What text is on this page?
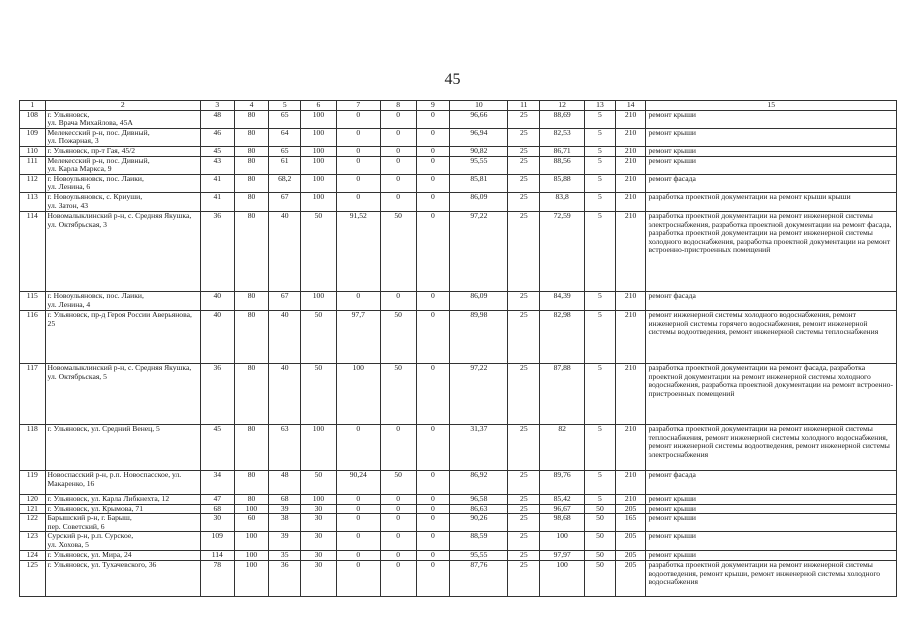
45
1	2	3	4	5	6	7	8	9	10	11	12	13	14	15
108	г. Ульяновск,
ул. Врача Михайлова, 45А	48	80	65	100	0	0	0	96,66	25	88,69	5	210	ремонт крыши
109	Мелекесский р-н, пос. Дивный,
ул. Пожарная, 3	46	80	64	100	0	0	0	96,94	25	82,53	5	210	ремонт крыши
110	г. Ульяновск, пр-т Гая, 45/2	45	80	65	100	0	0	0	90,82	25	86,71	5	210	ремонт крыши
111	Мелекесский р-н, пос. Дивный,
ул. Карла Маркса, 9	43	80	61	100	0	0	0	95,55	25	88,56	5	210	ремонт крыши
112	г. Новоульяновск, пос. Лаики,
ул. Ленина, 6	41	80	68,2	100	0	0	0	85,81	25	85,88	5	210	ремонт фасада
113	г. Новоульяновск, с. Криуши,
ул. Затон, 43	41	80	67	100	0	0	0	86,09	25	83,8	5	210	разработка проектной документации на ремонт крыши крыши
114	Новомалыклинский р-н, с. Средняя Якушка, ул. Октябрьская, 3	36	80	40	50	91,52	50	0	97,22	25	72,59	5	210	разработка проектной документации на ремонт инженерной системы электроснабжения, разработка проектной документации на ремонт фасада, разработка проектной документации на ремонт инженерной системы холодного водоснабжения, разработка проектной документации на ремонт встроенно-пристроенных помещений
115	г. Новоульяновск, пос. Лаики,
ул. Ленина, 4	40	80	67	100	0	0	0	86,09	25	84,39	5	210	ремонт фасада
116	г. Ульяновск, пр-д Героя России Аверьянова, 25	40	80	40	50	97,7	50	0	89,98	25	82,98	5	210	ремонт инженерной системы холодного водоснабжения, ремонт инженерной системы горячего водоснабжения, ремонт инженерной системы водоотведения, ремонт инженерной системы теплоснабжения
117	Новомалыклинский р-н, с. Средняя Якушка, ул. Октябрьская, 5	36	80	40	50	100	50	0	97,22	25	87,88	5	210	разработка проектной документации на ремонт фасада, разработка проектной документации на ремонт инженерной системы холодного водоснабжения, разработка проектной документации на ремонт встроенно-пристроенных помещений
118	г. Ульяновск, ул. Средний Венец, 5	45	80	63	100	0	0	0	31,37	25	82	5	210	разработка проектной документации на ремонт инженерной системы теплоснабжения, ремонт инженерной системы холодного водоснабжения, ремонт инженерной системы водоотведения, ремонт инженерной системы электроснабжения
119	Новоспасский р-н, р.п. Новоспасское, ул. Макаренко, 16	34	80	48	50	90,24	50	0	86,92	25	89,76	5	210	ремонт фасада
120	г. Ульяновск, ул. Карла Либкнехта, 12	47	80	68	100	0	0	0	96,58	25	85,42	5	210	ремонт крыши
121	г. Ульяновск, ул. Крымова, 71	68	100	39	30	0	0	0	86,63	25	96,67	50	205	ремонт крыши
122	Барышский р-н, г. Барыш,
пер. Советский, 6	30	60	38	30	0	0	0	90,26	25	98,68	50	165	ремонт крыши
123	Сурский р-н, р.п. Сурское,
ул. Хохова, 5	109	100	39	30	0	0	0	88,59	25	100	50	205	ремонт крыши
124	г. Ульяновск, ул. Мира, 24	114	100	35	30	0	0	0	95,55	25	97,97	50	205	ремонт крыши
125	г. Ульяновск, ул. Тухачевского, 36	78	100	36	30	0	0	0	87,76	25	100	50	205	разработка проектной документации на ремонт инженерной системы водоотведения, ремонт крыши, ремонт инженерной системы холодного водоснабжения
